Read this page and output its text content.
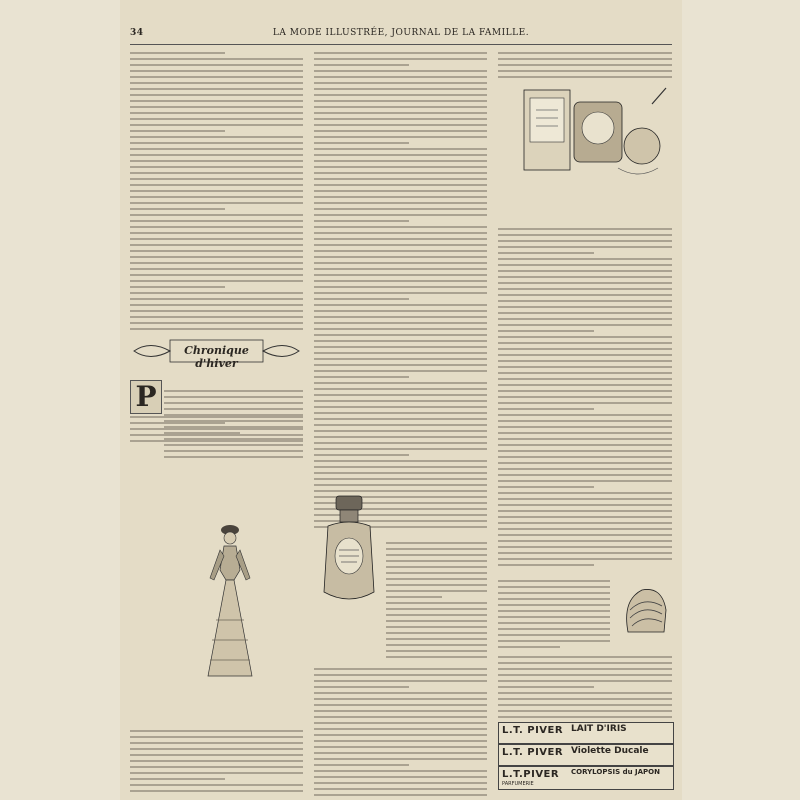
34	LA MODE ILLUSTRÉE, JOURNAL DE LA FAMILLE.
Chronique d'hiver
P
L.T. PIVER LAIT D'IRIS
L.T. PIVER Violette Ducale
L.T.PIVER CORYLOPSIS du JAPON
PARFUMERIE
